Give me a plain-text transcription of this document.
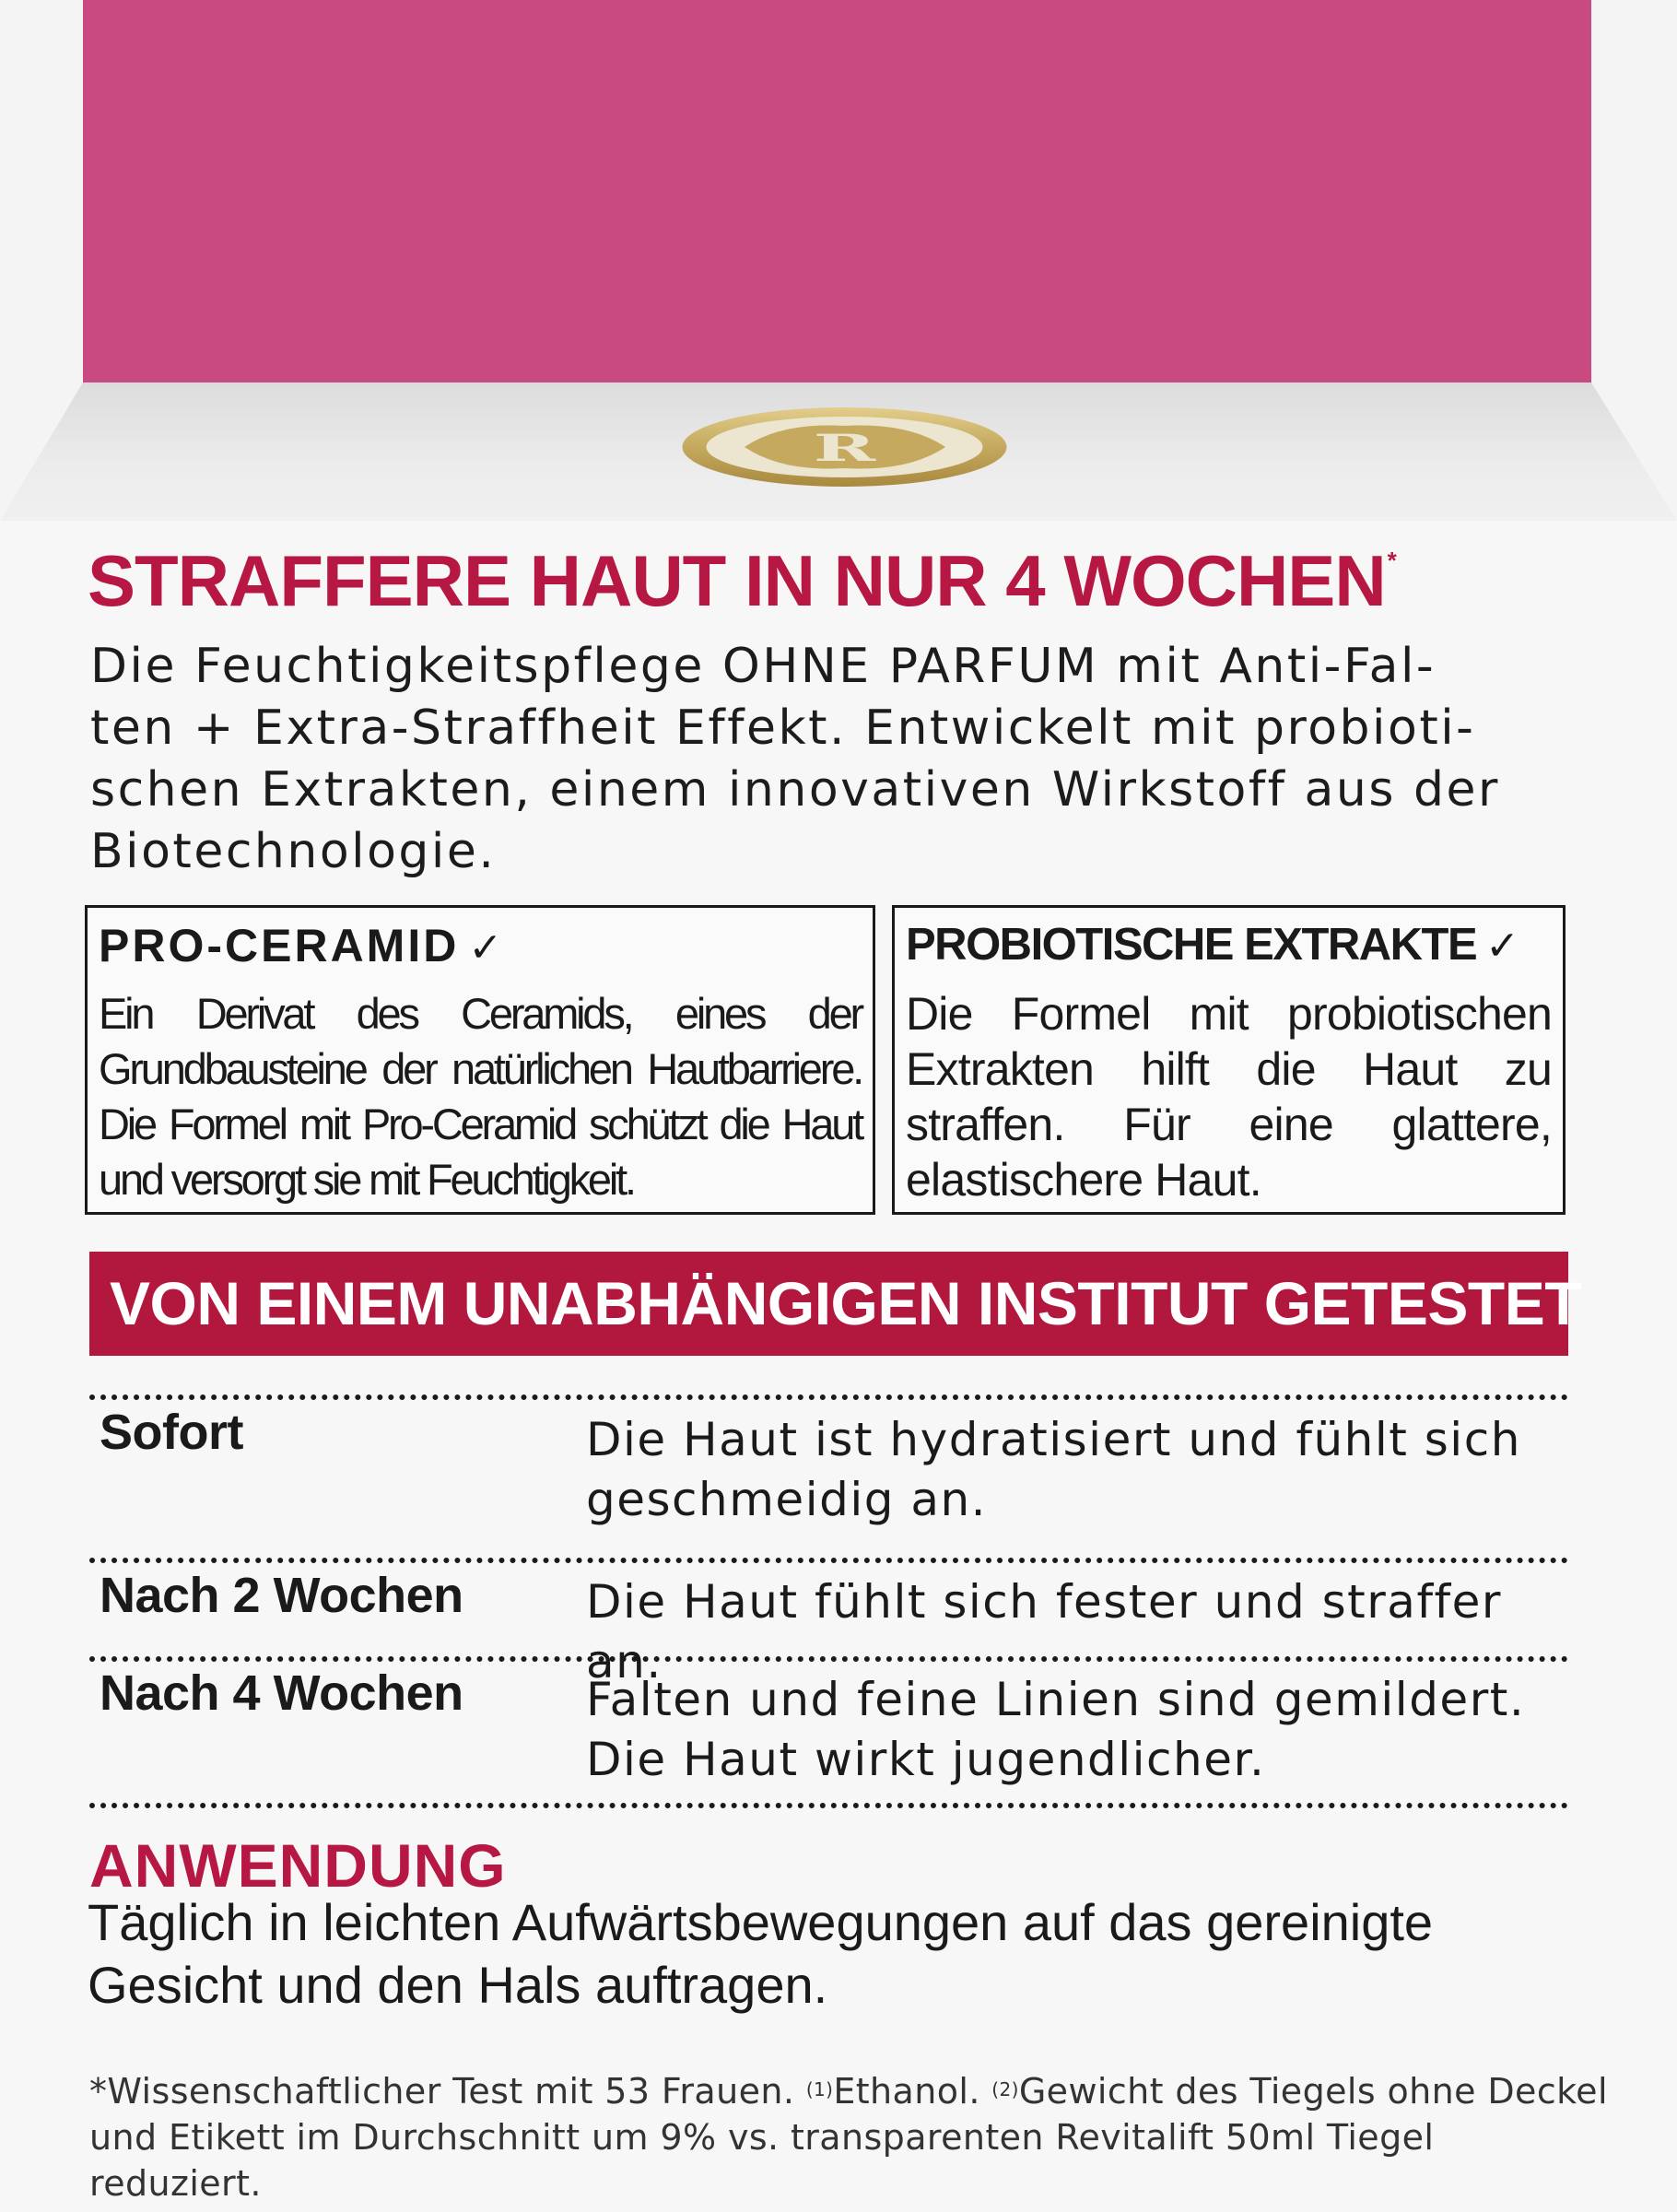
R
STRAFFERE HAUT IN NUR 4 WOCHEN*

Die Feuchtigkeitspflege OHNE PARFUM mit Anti-Fal-
ten + Extra-Straffheit Effekt. Entwickelt mit probioti-
schen Extrakten, einem innovativen Wirkstoff aus der
Biotechnologie.

PRO-CERAMID ✓

Ein Derivat des Ceramids, eines der Grundbausteine der natürlichen Hautbarriere. Die Formel mit Pro-Ceramid schützt die Haut und versorgt sie mit Feuchtigkeit.

PROBIOTISCHE EXTRAKTE ✓

Die Formel mit probiotischen Extrakten hilft die Haut zu straffen. Für eine glattere, elastischere Haut.

VON EINEM UNABHÄNGIGEN INSTITUT GETESTET

Sofort	Die Haut ist hydratisiert und fühlt sich geschmeidig an.

Nach 2 Wochen	Die Haut fühlt sich fester und straffer an.

Nach 4 Wochen	Falten und feine Linien sind gemildert. Die Haut wirkt jugendlicher.

ANWENDUNG

Täglich in leichten Aufwärtsbewegungen auf das gereinigte Gesicht und den Hals auftragen.

*Wissenschaftlicher Test mit 53 Frauen. $^{(1)}$Ethanol. $^{(2)}$Gewicht des Tiegels ohne Deckel
und Etikett im Durchschnitt um 9% vs. transparenten Revitalift 50ml Tiegel reduziert.
